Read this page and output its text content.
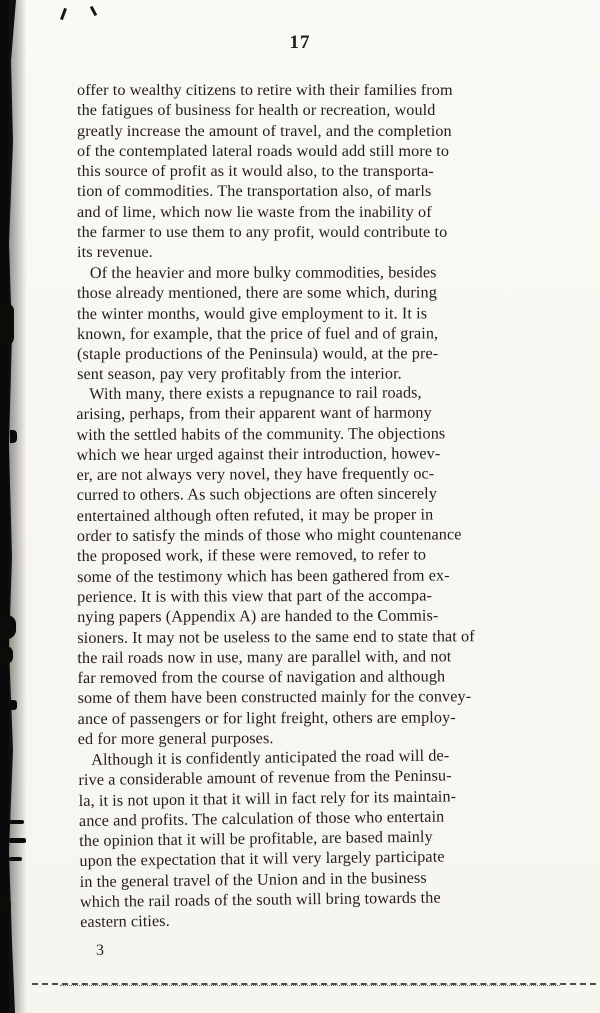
17
offer to wealthy citizens to retire with their families from
the fatigues of business for health or recreation, would
greatly increase the amount of travel, and the completion
of the contemplated lateral roads would add still more to
this source of profit as it would also, to the transporta-
tion of commodities. The transportation also, of marls
and of lime, which now lie waste from the inability of
the farmer to use them to any profit, would contribute to
its revenue.
Of the heavier and more bulky commodities, besides
those already mentioned, there are some which, during
the winter months, would give employment to it. It is
known, for example, that the price of fuel and of grain,
(staple productions of the Peninsula) would, at the pre-
sent season, pay very profitably from the interior.
With many, there exists a repugnance to rail roads,
arising, perhaps, from their apparent want of harmony
with the settled habits of the community. The objections
which we hear urged against their introduction, howev-
er, are not always very novel, they have frequently oc-
curred to others. As such objections are often sincerely
entertained although often refuted, it may be proper in
order to satisfy the minds of those who might countenance
the proposed work, if these were removed, to refer to
some of the testimony which has been gathered from ex-
perience. It is with this view that part of the accompa-
nying papers (Appendix A) are handed to the Commis-
sioners. It may not be useless to the same end to state that of
the rail roads now in use, many are parallel with, and not
far removed from the course of navigation and although
some of them have been constructed mainly for the convey-
ance of passengers or for light freight, others are employ-
ed for more general purposes.
Although it is confidently anticipated the road will de-
rive a considerable amount of revenue from the Peninsu-
la, it is not upon it that it will in fact rely for its maintain-
ance and profits. The calculation of those who entertain
the opinion that it will be profitable, are based mainly
upon the expectation that it will very largely participate
in the general travel of the Union and in the business
which the rail roads of the south will bring towards the
eastern cities.
3
